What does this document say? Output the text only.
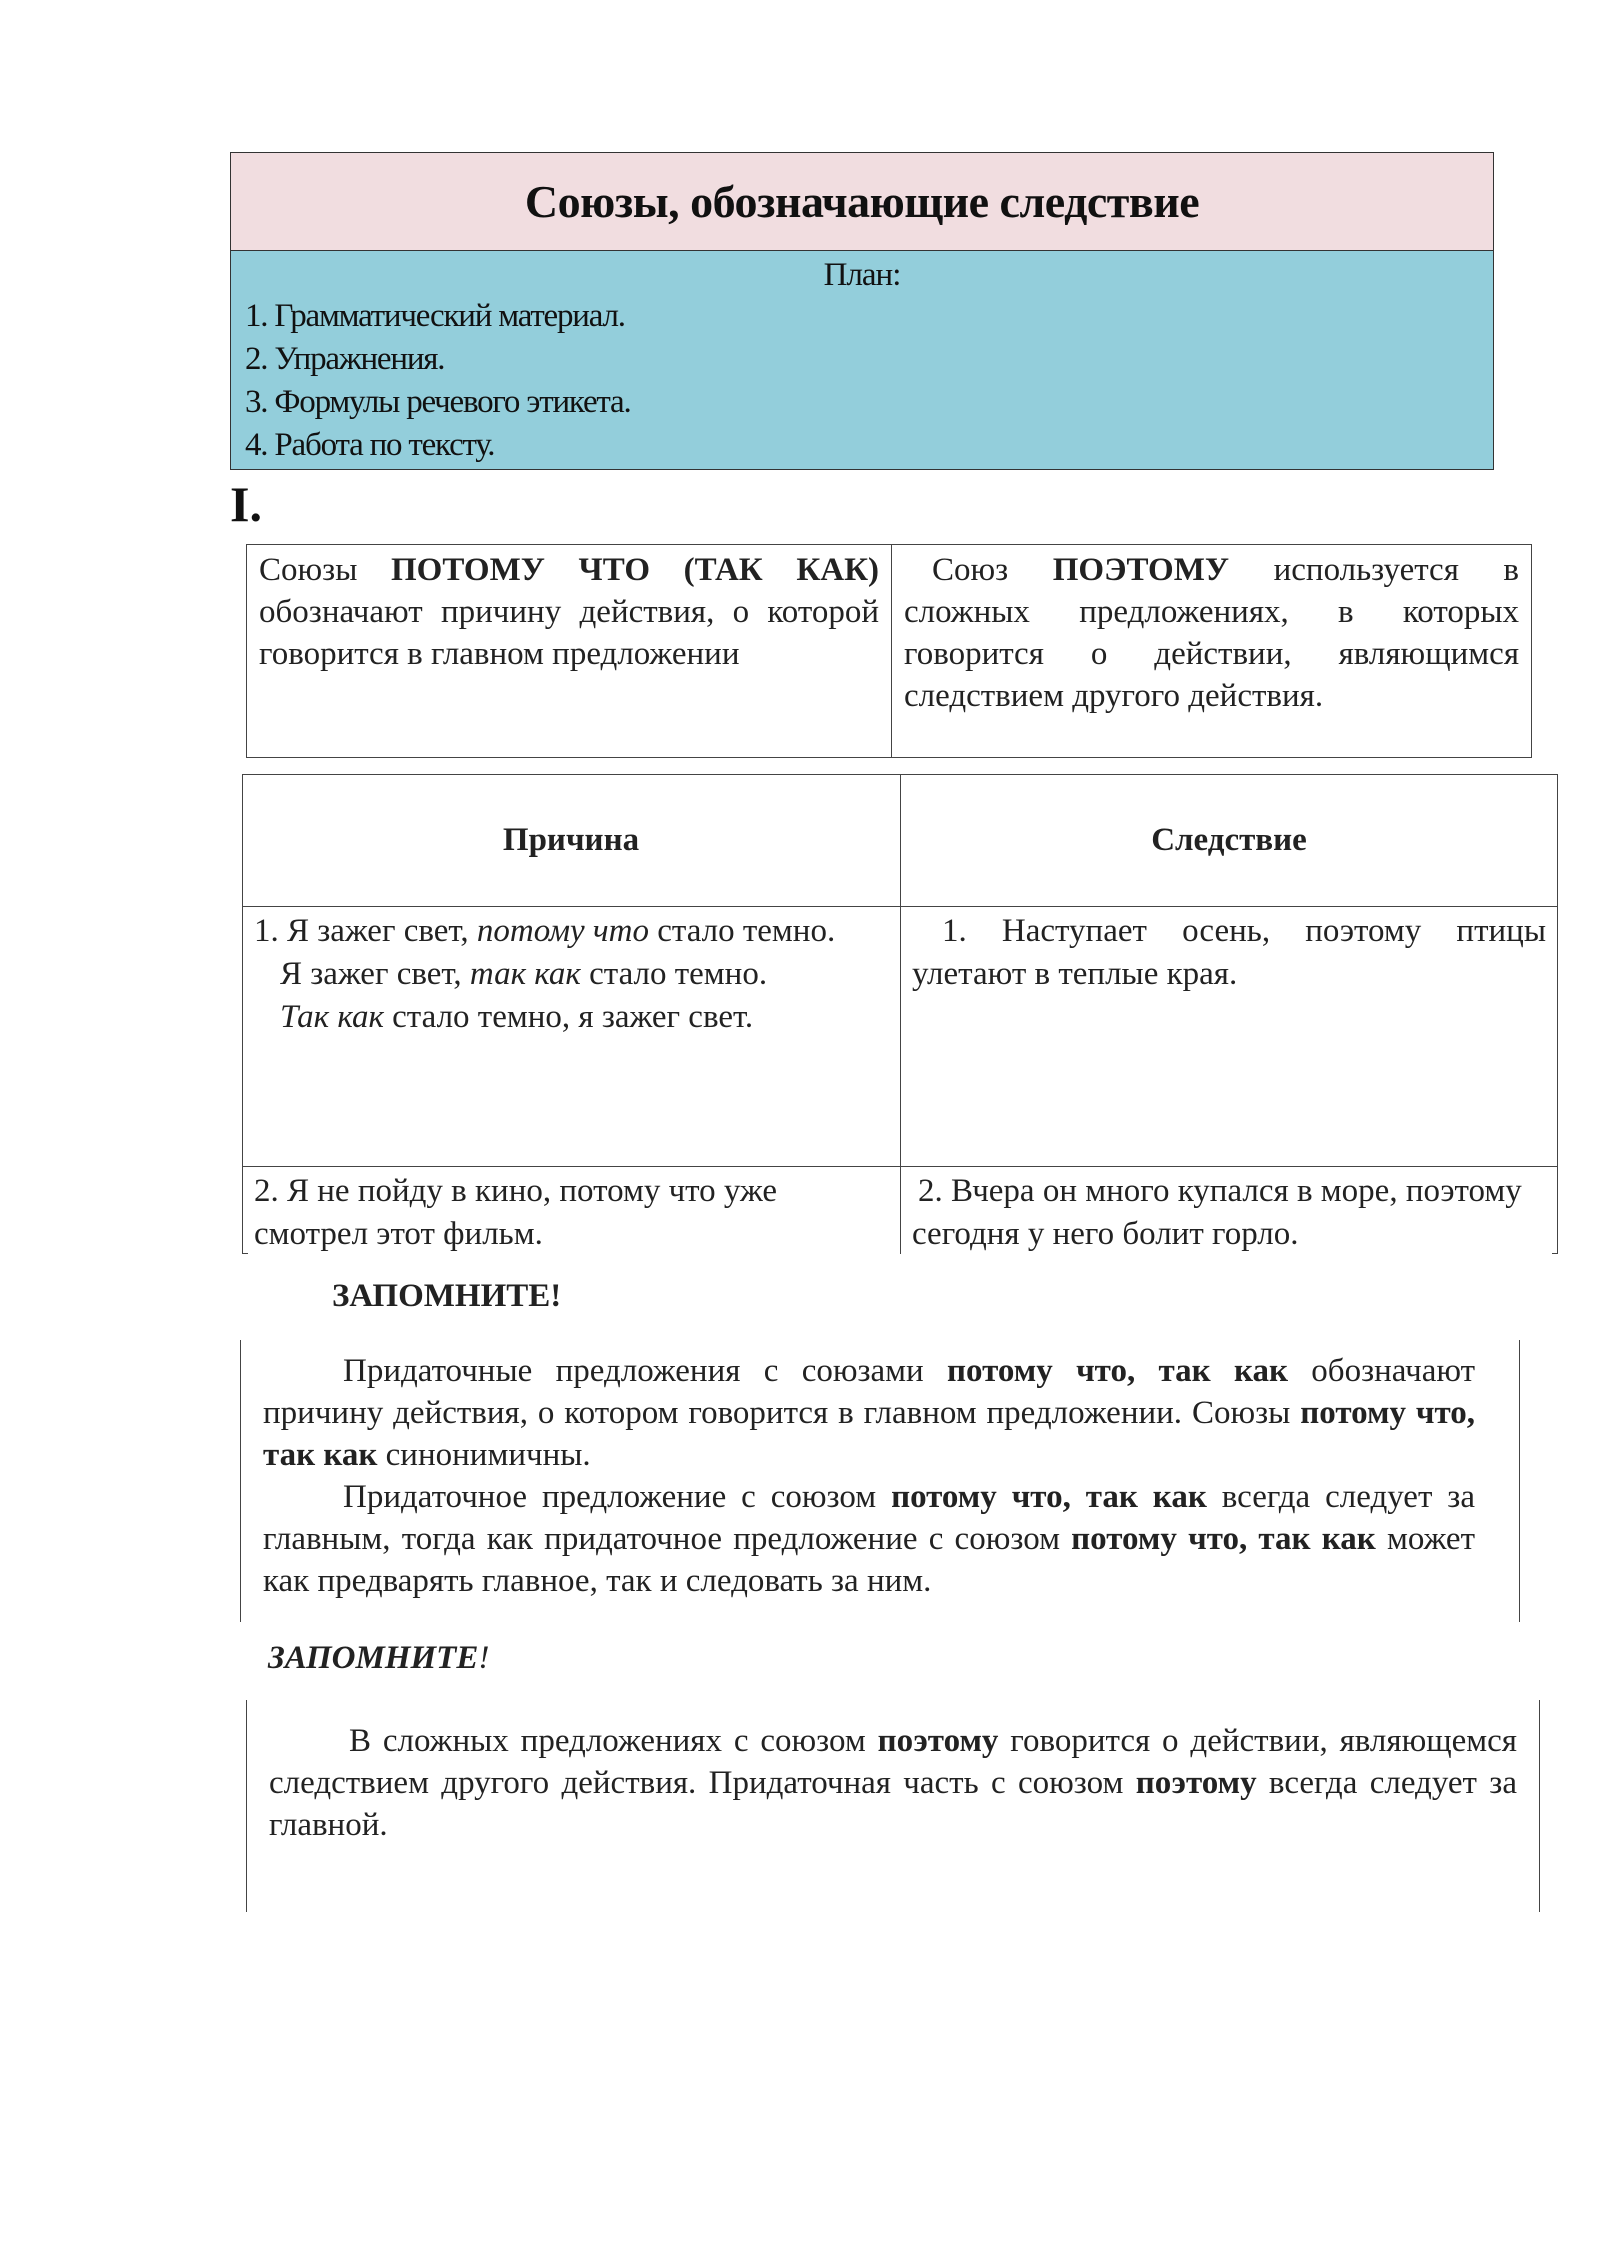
Союзы, обозначающие следствие
План:
1. Грамматический материал.
2. Упражнения.
3. Формулы речевого этикета.
4. Работа по тексту.
I.
Союзы ПОТОМУ ЧТО (ТАК КАК) обозначают причину действия, о которой говорится в главном предложении
Союз ПОЭТОМУ используется в сложных предложениях, в которых говорится о действии, являющимся следствием другого действия.
Причина	Следствие
1. Я зажег свет, потому что стало темно.
Я зажег свет, так как стало темно.
Так как стало темно, я зажег свет.
1. Наступает осень, поэтому птицы улетают в теплые края.
2. Я не пойду в кино, потому что уже смотрел этот фильм.
2. Вчера он много купался в море, поэтому сегодня у него болит горло.
ЗАПОМНИТЕ!

Придаточные предложения с союзами потому что, так как обозначают причину действия, о котором говорится в главном предложении. Союзы потому что, так как синонимичны.

Придаточное предложение с союзом потому что, так как всегда следует за главным, тогда как придаточное предложение с союзом потому что, так как может как предварять главное, так и следовать за ним.

ЗАПОМНИТЕ!

В сложных предложениях с союзом поэтому говорится о действии, являющемся следствием другого действия. Придаточная часть с союзом поэтому всегда следует за главной.
